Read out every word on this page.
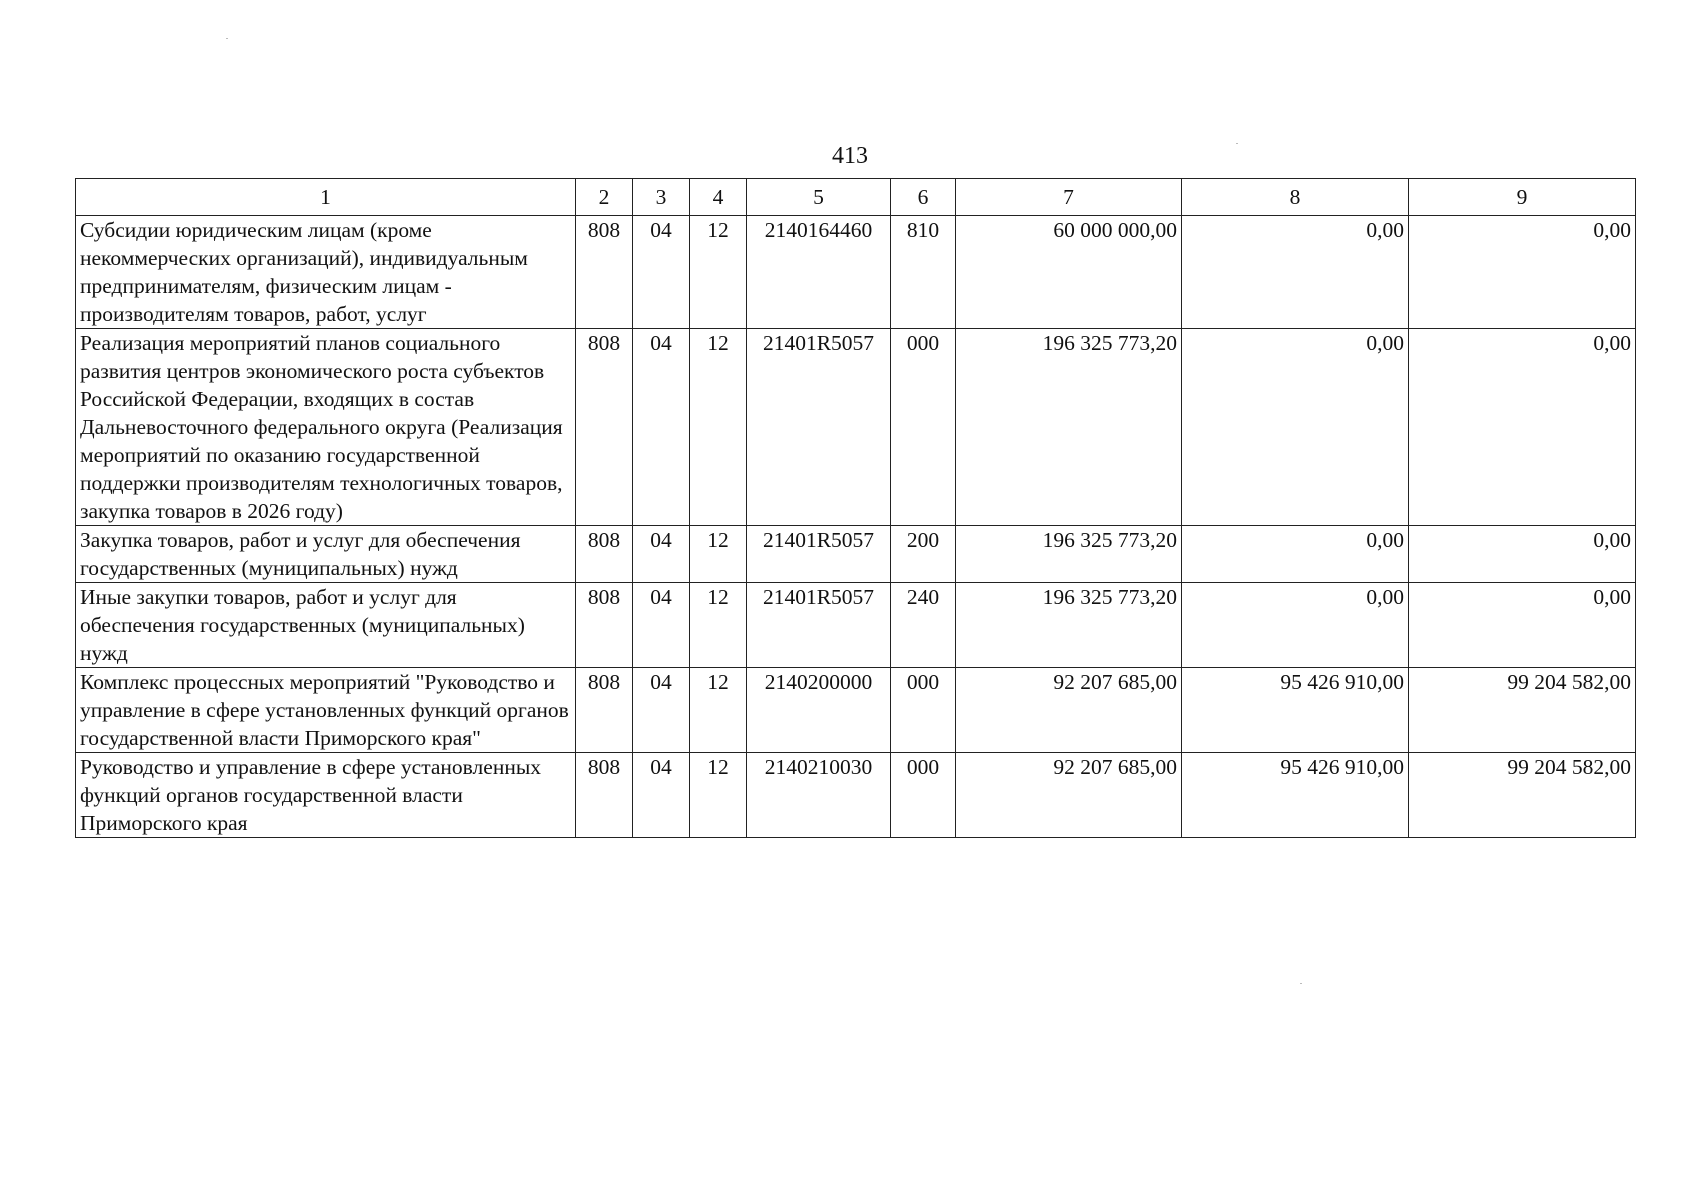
413
1	2	3	4	5	6	7	8	9
Субсидии юридическим лицам (кроме некоммерческих организаций), индивидуальным предпринимателям, физическим лицам - производителям товаров, работ, услуг	808	04	12	2140164460	810	60 000 000,00	0,00	0,00
Реализация мероприятий планов социального развития центров экономического роста субъектов Российской Федерации, входящих в состав Дальневосточного федерального округа (Реализация мероприятий по оказанию государственной поддержки производителям технологичных товаров, закупка товаров в 2026 году)	808	04	12	21401R5057	000	196 325 773,20	0,00	0,00
Закупка товаров, работ и услуг для обеспечения государственных (муниципальных) нужд	808	04	12	21401R5057	200	196 325 773,20	0,00	0,00
Иные закупки товаров, работ и услуг для обеспечения государственных (муниципальных) нужд	808	04	12	21401R5057	240	196 325 773,20	0,00	0,00
Комплекс процессных мероприятий "Руководство и управление в сфере установленных функций органов государственной власти Приморского края"	808	04	12	2140200000	000	92 207 685,00	95 426 910,00	99 204 582,00
Руководство и управление в сфере установленных функций органов государственной власти Приморского края	808	04	12	2140210030	000	92 207 685,00	95 426 910,00	99 204 582,00
